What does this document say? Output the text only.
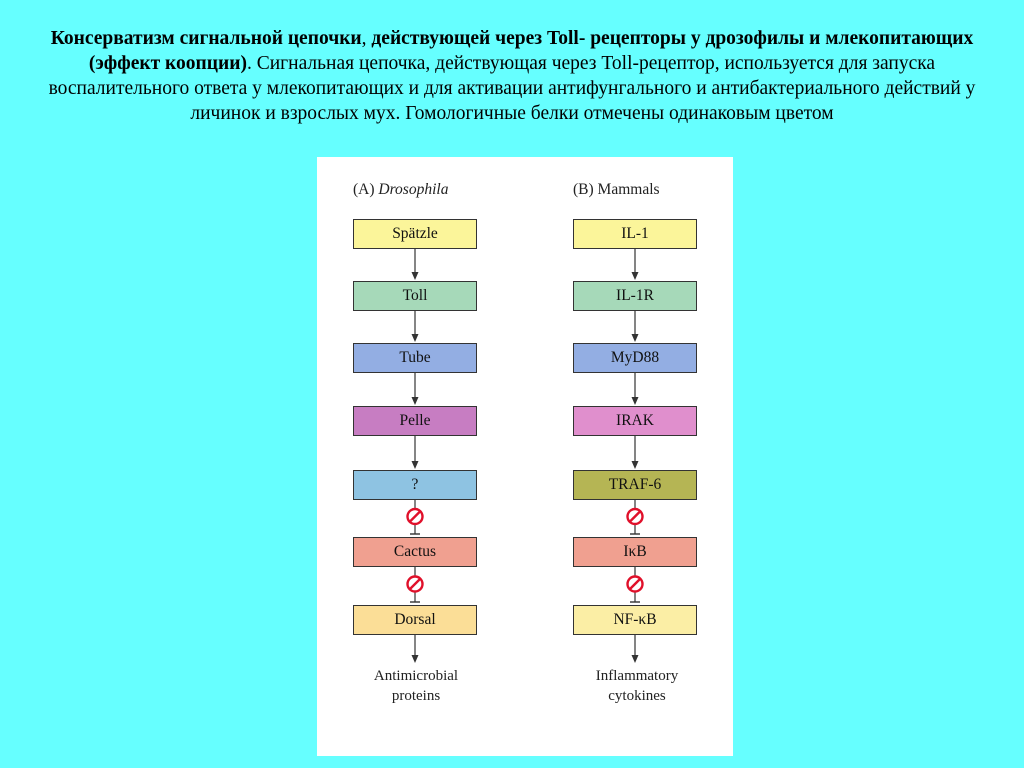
Консерватизм сигнальной цепочки, действующей через Toll- рецепторы у дрозофилы и млекопитающих (эффект коопции). Сигнальная цепочка, действующая через Toll-рецептор, используется для запуска воспалительного ответа у млекопитающих и для активации антифунгального и антибактериального действий у личинок и взрослых мух. Гомологичные белки отмечены одинаковым цветом
(A) Drosophila	(B) Mammals
Spätzle
Toll
Tube
Pelle
?
Cactus
Dorsal
IL-1
IL-1R
MyD88
IRAK
TRAF-6
IκB
NF-κB
Antimicrobial
proteins
Inflammatory
cytokines
